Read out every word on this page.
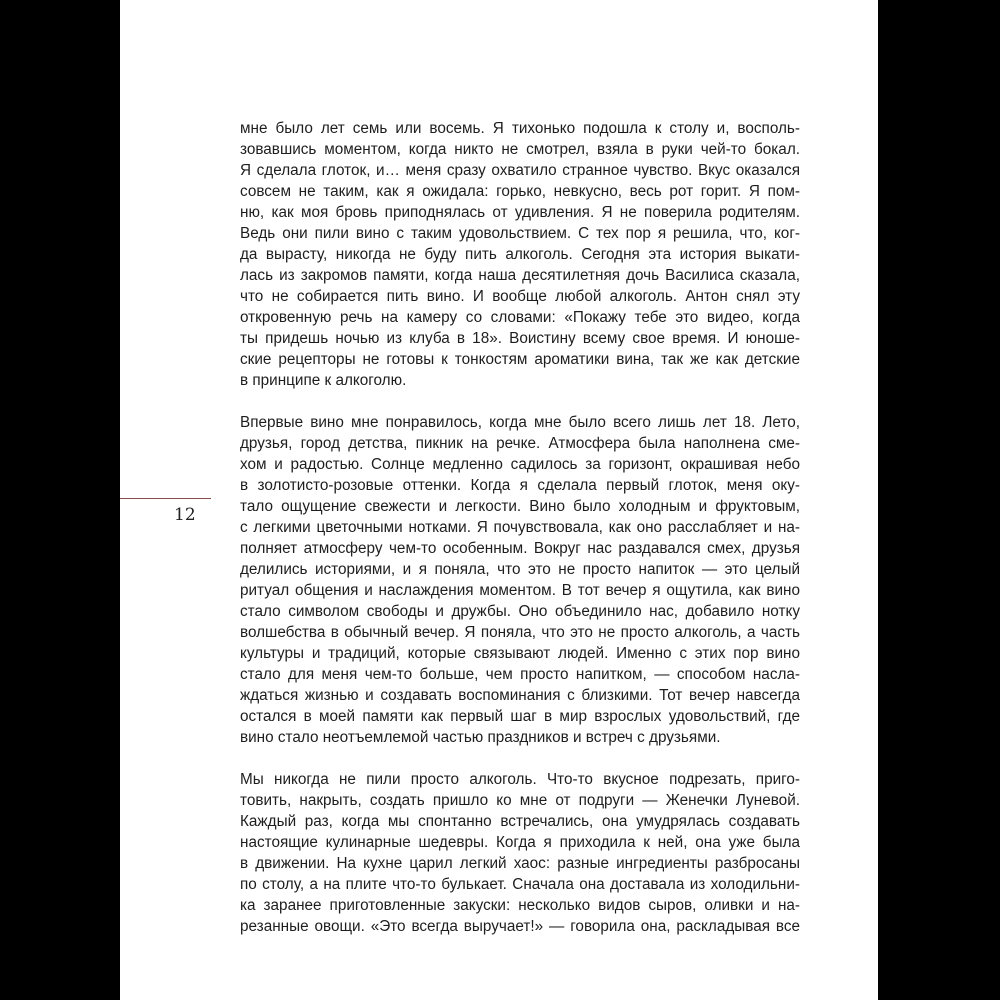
12

мне было лет семь или восемь. Я тихонько подошла к столу и, восполь-
зовавшись моментом, когда никто не смотрел, взяла в руки чей-то бокал.
Я сделала глоток, и… меня сразу охватило странное чувство. Вкус оказался
совсем не таким, как я ожидала: горько, невкусно, весь рот горит. Я пом-
ню, как моя бровь приподнялась от удивления. Я не поверила родителям.
Ведь они пили вино с таким удовольствием. С тех пор я решила, что, ког-
да вырасту, никогда не буду пить алкоголь. Сегодня эта история выкати-
лась из закромов памяти, когда наша десятилетняя дочь Василиса сказала,
что не собирается пить вино. И вообще любой алкоголь. Антон снял эту
откровенную речь на камеру со словами: «Покажу тебе это видео, когда
ты придешь ночью из клуба в 18». Воистину всему свое время. И юноше-
ские рецепторы не готовы к тонкостям ароматики вина, так же как детские
в принципе к алкоголю.

Впервые вино мне понравилось, когда мне было всего лишь лет 18. Лето,
друзья, город детства, пикник на речке. Атмосфера была наполнена сме-
хом и радостью. Солнце медленно садилось за горизонт, окрашивая небо
в золотисто-розовые оттенки. Когда я сделала первый глоток, меня оку-
тало ощущение свежести и легкости. Вино было холодным и фруктовым,
с легкими цветочными нотками. Я почувствовала, как оно расслабляет и на-
полняет атмосферу чем-то особенным. Вокруг нас раздавался смех, друзья
делились историями, и я поняла, что это не просто напиток — это целый
ритуал общения и наслаждения моментом. В тот вечер я ощутила, как вино
стало символом свободы и дружбы. Оно объединило нас, добавило нотку
волшебства в обычный вечер. Я поняла, что это не просто алкоголь, а часть
культуры и традиций, которые связывают людей. Именно с этих пор вино
стало для меня чем-то больше, чем просто напитком, — способом насла-
ждаться жизнью и создавать воспоминания с близкими. Тот вечер навсегда
остался в моей памяти как первый шаг в мир взрослых удовольствий, где
вино стало неотъемлемой частью праздников и встреч с друзьями.

Мы никогда не пили просто алкоголь. Что-то вкусное подрезать, приго-
товить, накрыть, создать пришло ко мне от подруги — Женечки Луневой.
Каждый раз, когда мы спонтанно встречались, она умудрялась создавать
настоящие кулинарные шедевры. Когда я приходила к ней, она уже была
в движении. На кухне царил легкий хаос: разные ингредиенты разбросаны
по столу, а на плите что-то булькает. Сначала она доставала из холодильни-
ка заранее приготовленные закуски: несколько видов сыров, оливки и на-
резанные овощи. «Это всегда выручает!» — говорила она, раскладывая все
